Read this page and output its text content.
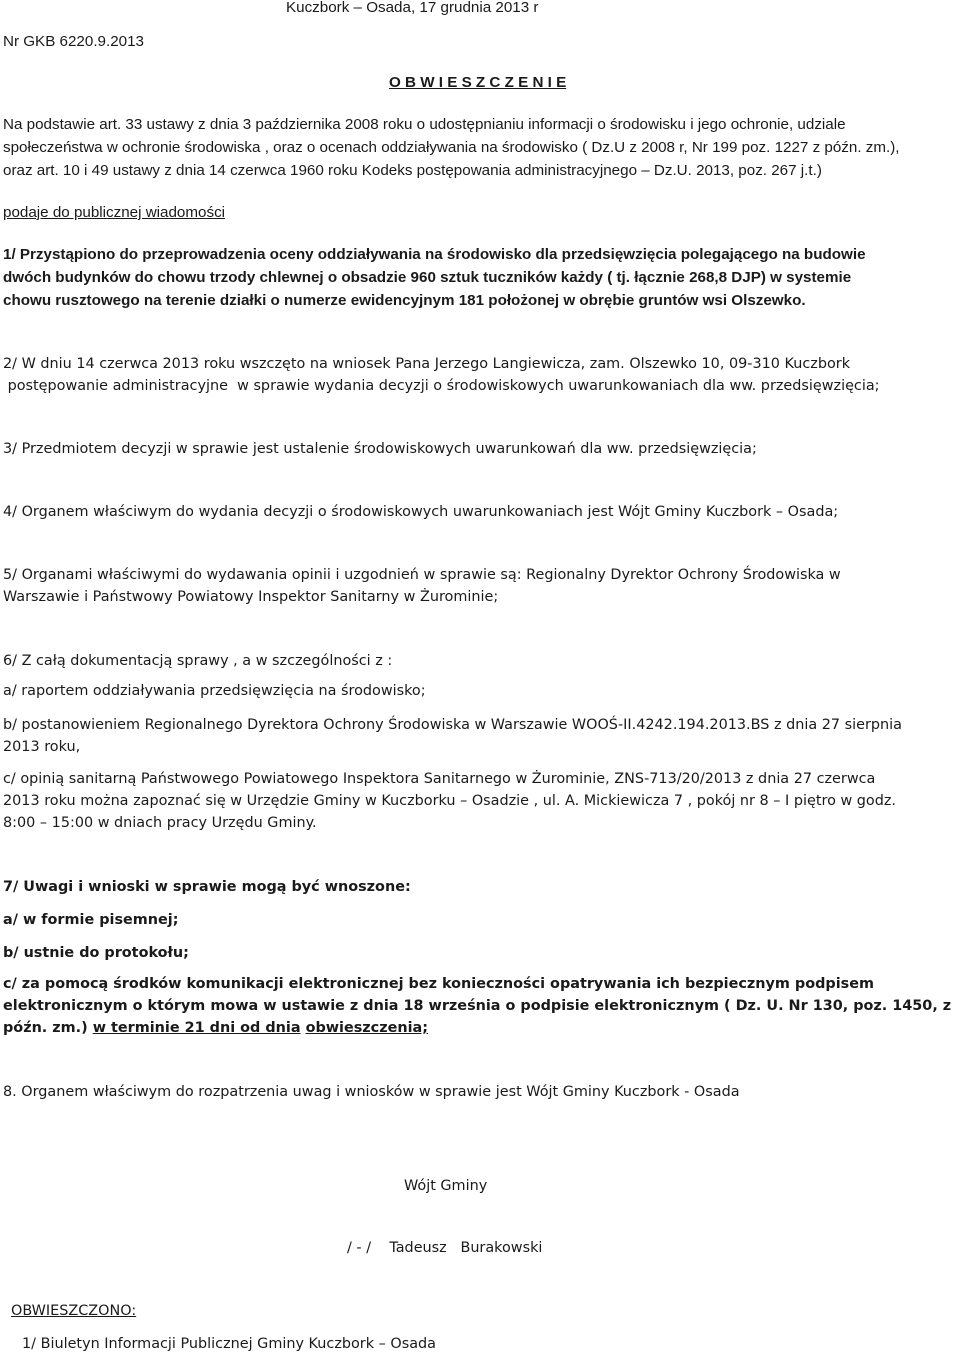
Kuczbork – Osada, 17 grudnia 2013 r
Nr GKB 6220.9.2013
O B W I E S Z C Z E N I E
Na podstawie art. 33 ustawy z dnia 3 października 2008 roku o udostępnianiu informacji o środowisku i jego ochronie, udziale
społeczeństwa w ochronie środowiska , oraz o ocenach oddziaływania na środowisko ( Dz.U z 2008 r, Nr 199 poz. 1227 z późn. zm.),
oraz art. 10 i 49 ustawy z dnia 14 czerwca 1960 roku Kodeks postępowania administracyjnego – Dz.U. 2013, poz. 267 j.t.)
podaje do publicznej wiadomości
1/ Przystąpiono do przeprowadzenia oceny oddziaływania na środowisko dla przedsięwzięcia polegającego na budowie
dwóch budynków do chowu trzody chlewnej o obsadzie 960 sztuk tuczników każdy ( tj. łącznie 268,8 DJP) w systemie
chowu rusztowego na terenie działki o numerze ewidencyjnym 181 położonej w obrębie gruntów wsi Olszewko.
2/ W dniu 14 czerwca 2013 roku wszczęto na wniosek Pana Jerzego Langiewicza, zam. Olszewko 10, 09-310 Kuczbork
postępowanie administracyjne  w sprawie wydania decyzji o środowiskowych uwarunkowaniach dla ww. przedsięwzięcia;
3/ Przedmiotem decyzji w sprawie jest ustalenie środowiskowych uwarunkowań dla ww. przedsięwzięcia;
4/ Organem właściwym do wydania decyzji o środowiskowych uwarunkowaniach jest Wójt Gminy Kuczbork – Osada;
5/ Organami właściwymi do wydawania opinii i uzgodnień w sprawie są: Regionalny Dyrektor Ochrony Środowiska w
Warszawie i Państwowy Powiatowy Inspektor Sanitarny w Żurominie;
6/ Z całą dokumentacją sprawy , a w szczególności z :
a/ raportem oddziaływania przedsięwzięcia na środowisko;
b/ postanowieniem Regionalnego Dyrektora Ochrony Środowiska w Warszawie WOOŚ-II.4242.194.2013.BS z dnia 27 sierpnia
2013 roku,
c/ opinią sanitarną Państwowego Powiatowego Inspektora Sanitarnego w Żurominie, ZNS-713/20/2013 z dnia 27 czerwca
2013 roku można zapoznać się w Urzędzie Gminy w Kuczborku – Osadzie , ul. A. Mickiewicza 7 , pokój nr 8 – I piętro w godz.
8:00 – 15:00 w dniach pracy Urzędu Gminy.
7/ Uwagi i wnioski w sprawie mogą być wnoszone:
a/ w formie pisemnej;
b/ ustnie do protokołu;
c/ za pomocą środków komunikacji elektronicznej bez konieczności opatrywania ich bezpiecznym podpisem
elektronicznym o którym mowa w ustawie z dnia 18 września o podpisie elektronicznym ( Dz. U. Nr 130, poz. 1450, z
późn. zm.) w terminie 21 dni od dnia obwieszczenia;
8. Organem właściwym do rozpatrzenia uwag i wniosków w sprawie jest Wójt Gminy Kuczbork - Osada
Wójt Gminy
/ - /    Tadeusz   Burakowski
OBWIESZCZONO:
1/ Biuletyn Informacji Publicznej Gminy Kuczbork – Osada
